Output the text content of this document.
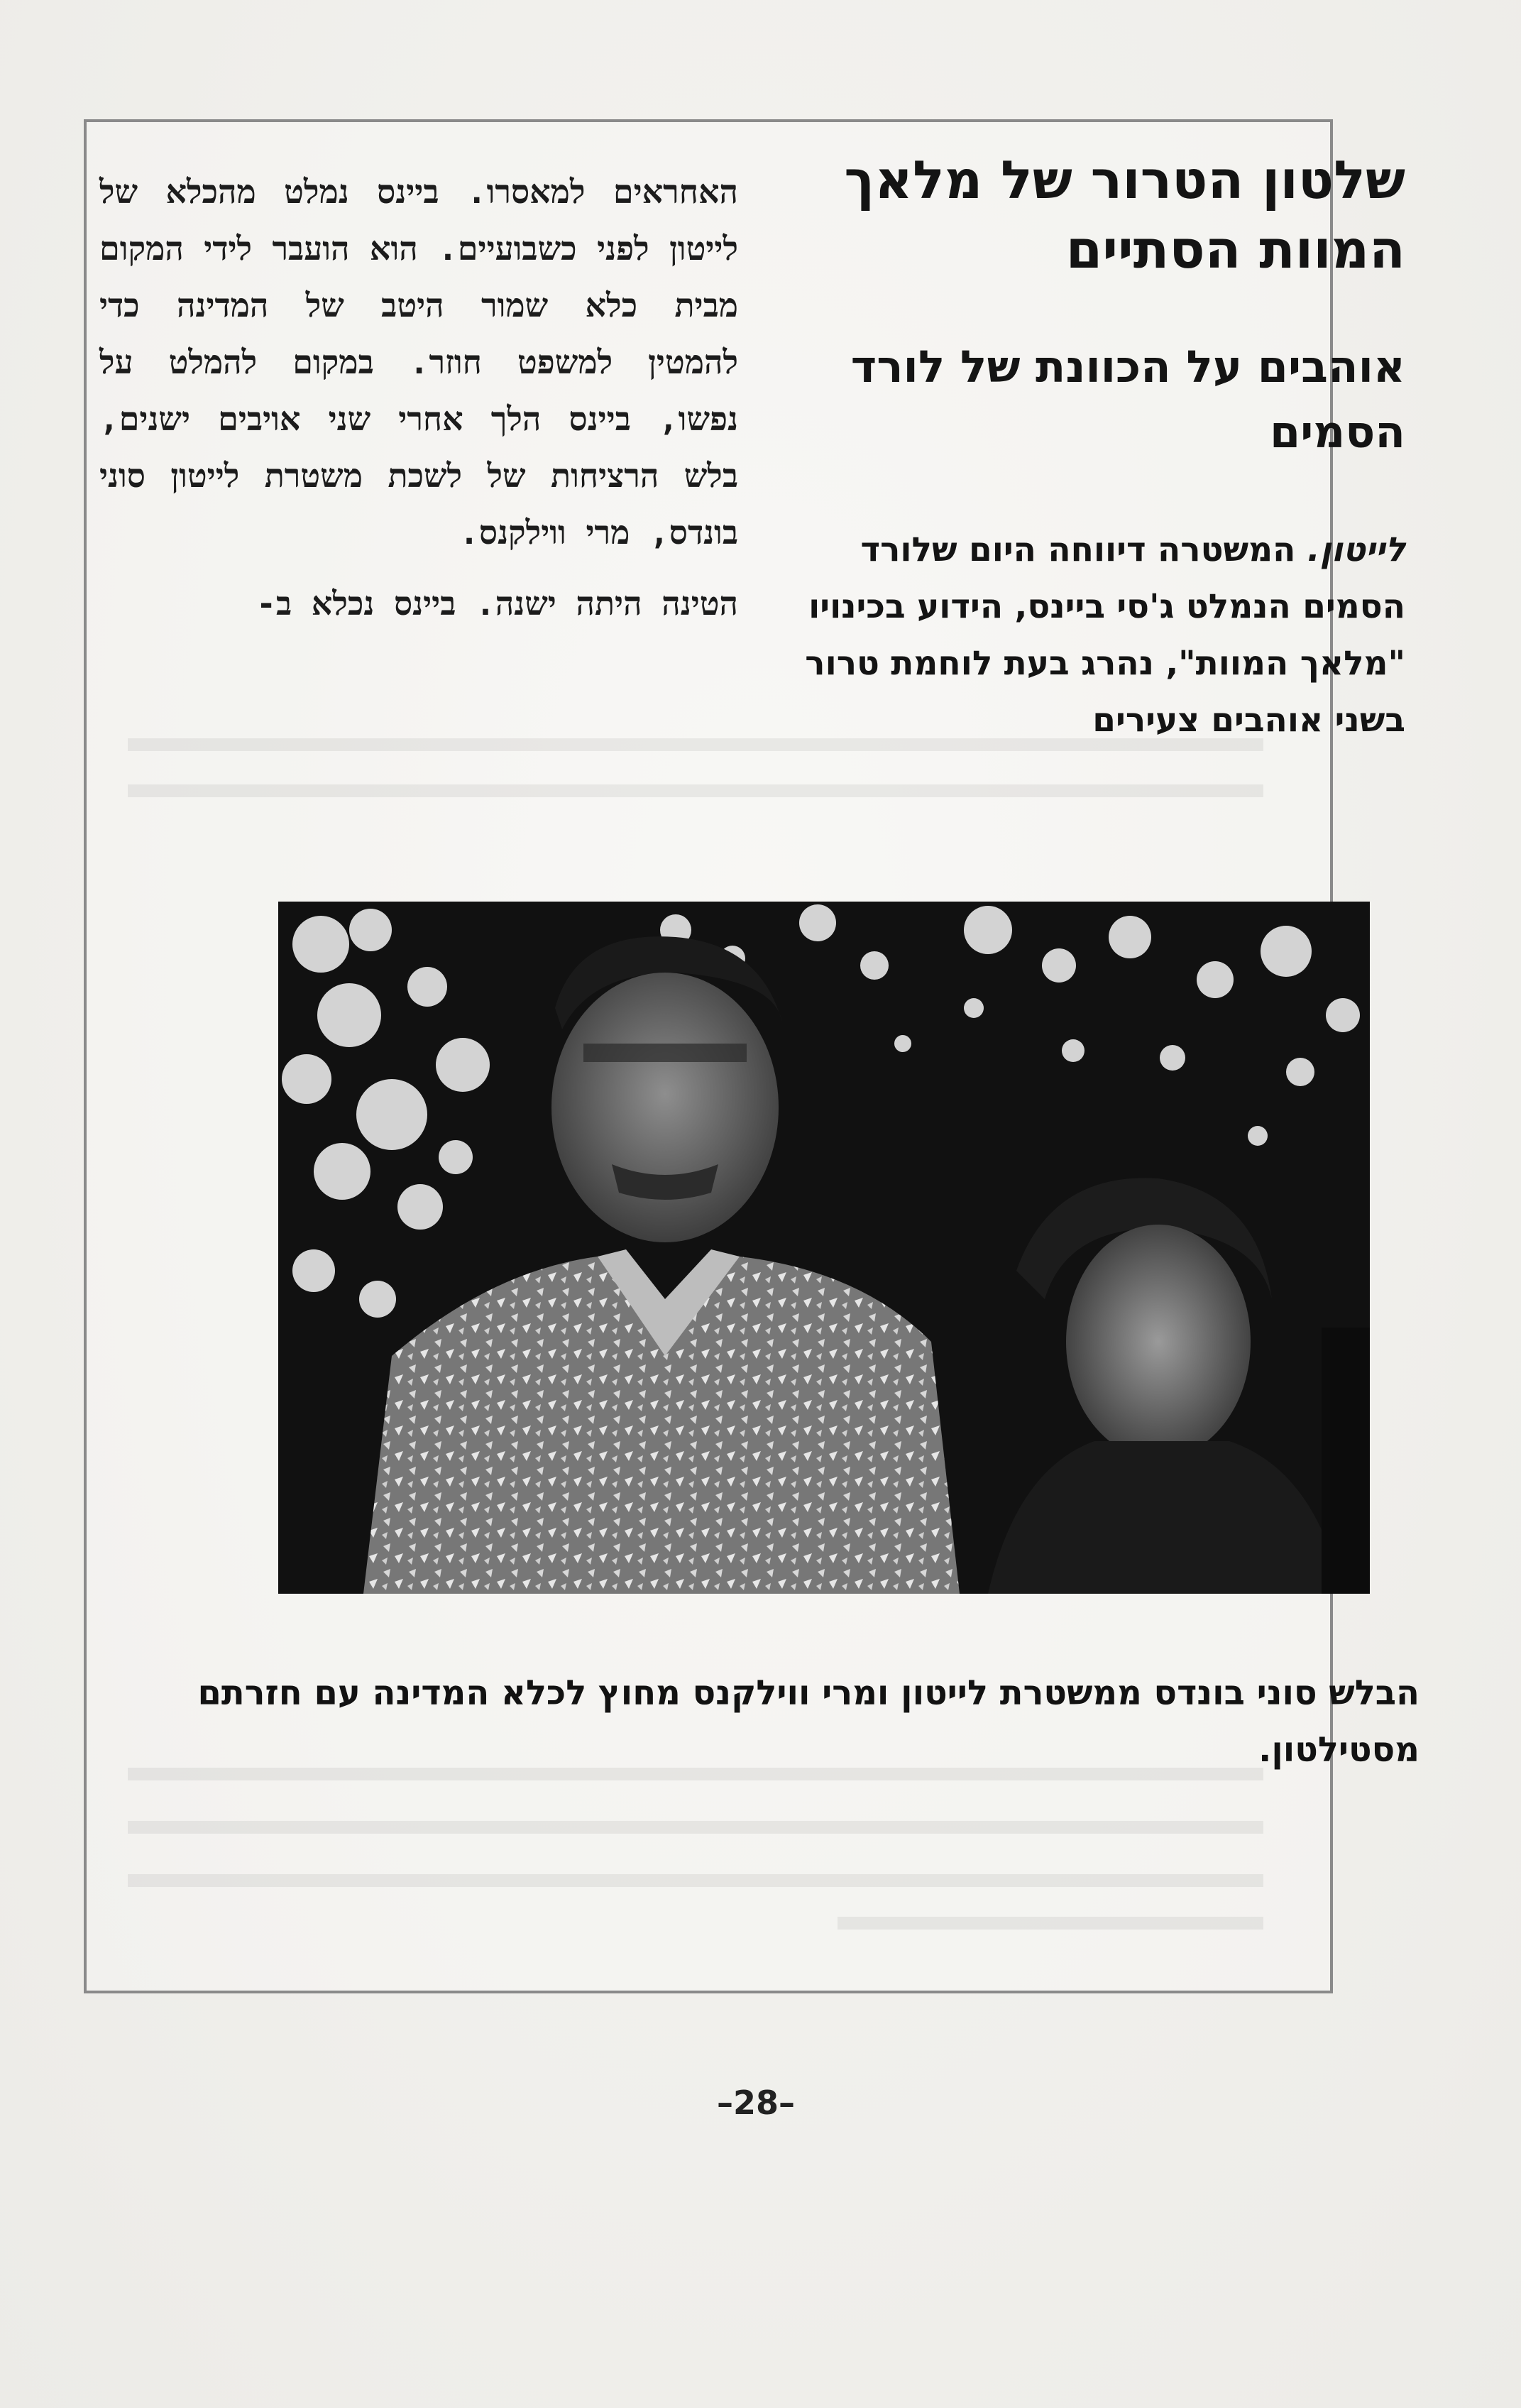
שלטון הטרור של מלאך המוות הסתיים
אוהבים על הכוונת של לורד הסמים

לייטון. המשטרה דיווחה היום שלורד הסמים הנמלט ג'סי ביינס, הידוע בכינויו "מלאך המוות", נהרג בעת לוחמת טרור בשני אוהבים צעירים

האחראים למאסרו. ביינס נמלט מהכלא של לייטון לפני כשבועיים. הוא הועבר לידי המקום מבית כלא שמור היטב של המדינה כדי להמטין למשפט חוזר. במקום להמלט על נפשו, ביינס הלך אחרי שני אויבים ישנים, בלש הרציחות של לשכת משטרת לייטון סוני בונדס, מרי ווילקנס.

הטינה היתה ישנה. ביינס נכלא ב-

הבלש סוני בונדס ממשטרת לייטון ומרי ווילקנס מחוץ לכלא המדינה עם חזרתם מסטילטון.
–28–
